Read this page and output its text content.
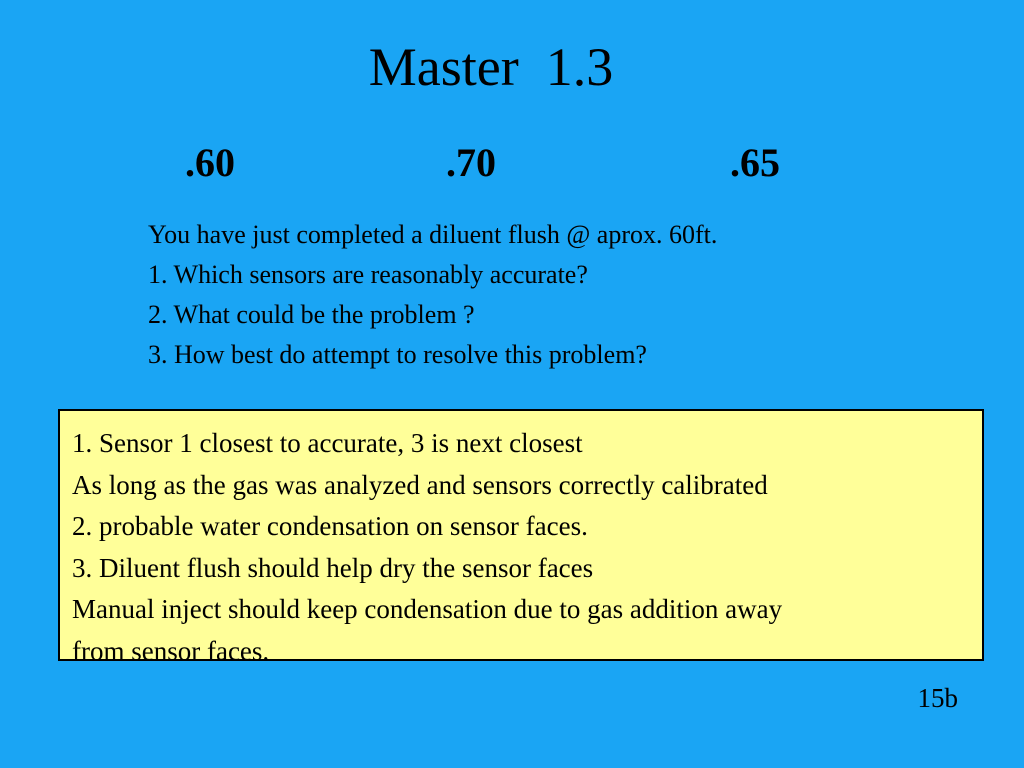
Master  1.3
.60	.70	.65
You have just completed a diluent flush @ aprox. 60ft.
1. Which sensors are reasonably accurate?
2. What could be the problem ?
3. How best do attempt to resolve this problem?
1. Sensor 1 closest to accurate, 3 is next closest
As long as the gas was analyzed and sensors correctly calibrated
2. probable water condensation on sensor faces.
3. Diluent flush should help dry the sensor faces
Manual inject should keep condensation due to gas addition away
from sensor faces.
15b
